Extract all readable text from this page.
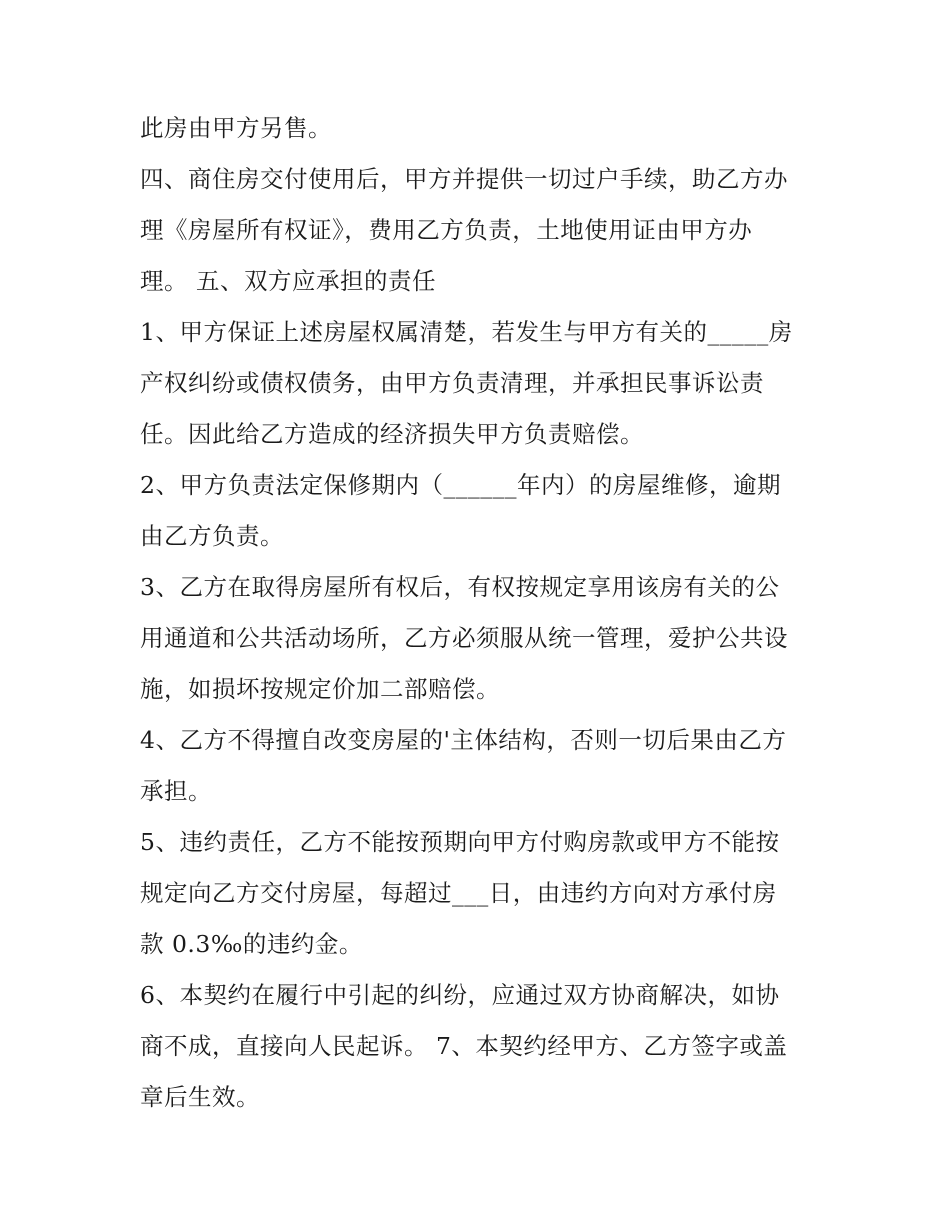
此房由甲方另售。
四、商住房交付使用后，甲方并提供一切过户手续，助乙方办
理《房屋所有权证》，费用乙方负责，土地使用证由甲方办
理。 五、双方应承担的责任
1、甲方保证上述房屋权属清楚，若发生与甲方有关的_____房
产权纠纷或债权债务，由甲方负责清理，并承担民事诉讼责
任。因此给乙方造成的经济损失甲方负责赔偿。
2、甲方负责法定保修期内（______年内）的房屋维修，逾期
由乙方负责。
3、乙方在取得房屋所有权后，有权按规定享用该房有关的公
用通道和公共活动场所，乙方必须服从统一管理，爱护公共设
施，如损坏按规定价加二部赔偿。
4、乙方不得擅自改变房屋的'主体结构，否则一切后果由乙方
承担。
5、违约责任，乙方不能按预期向甲方付购房款或甲方不能按
规定向乙方交付房屋，每超过___日，由违约方向对方承付房
款 0.3‰的违约金。
6、本契约在履行中引起的纠纷，应通过双方协商解决，如协
商不成，直接向人民起诉。 7、本契约经甲方、乙方签字或盖
章后生效。
